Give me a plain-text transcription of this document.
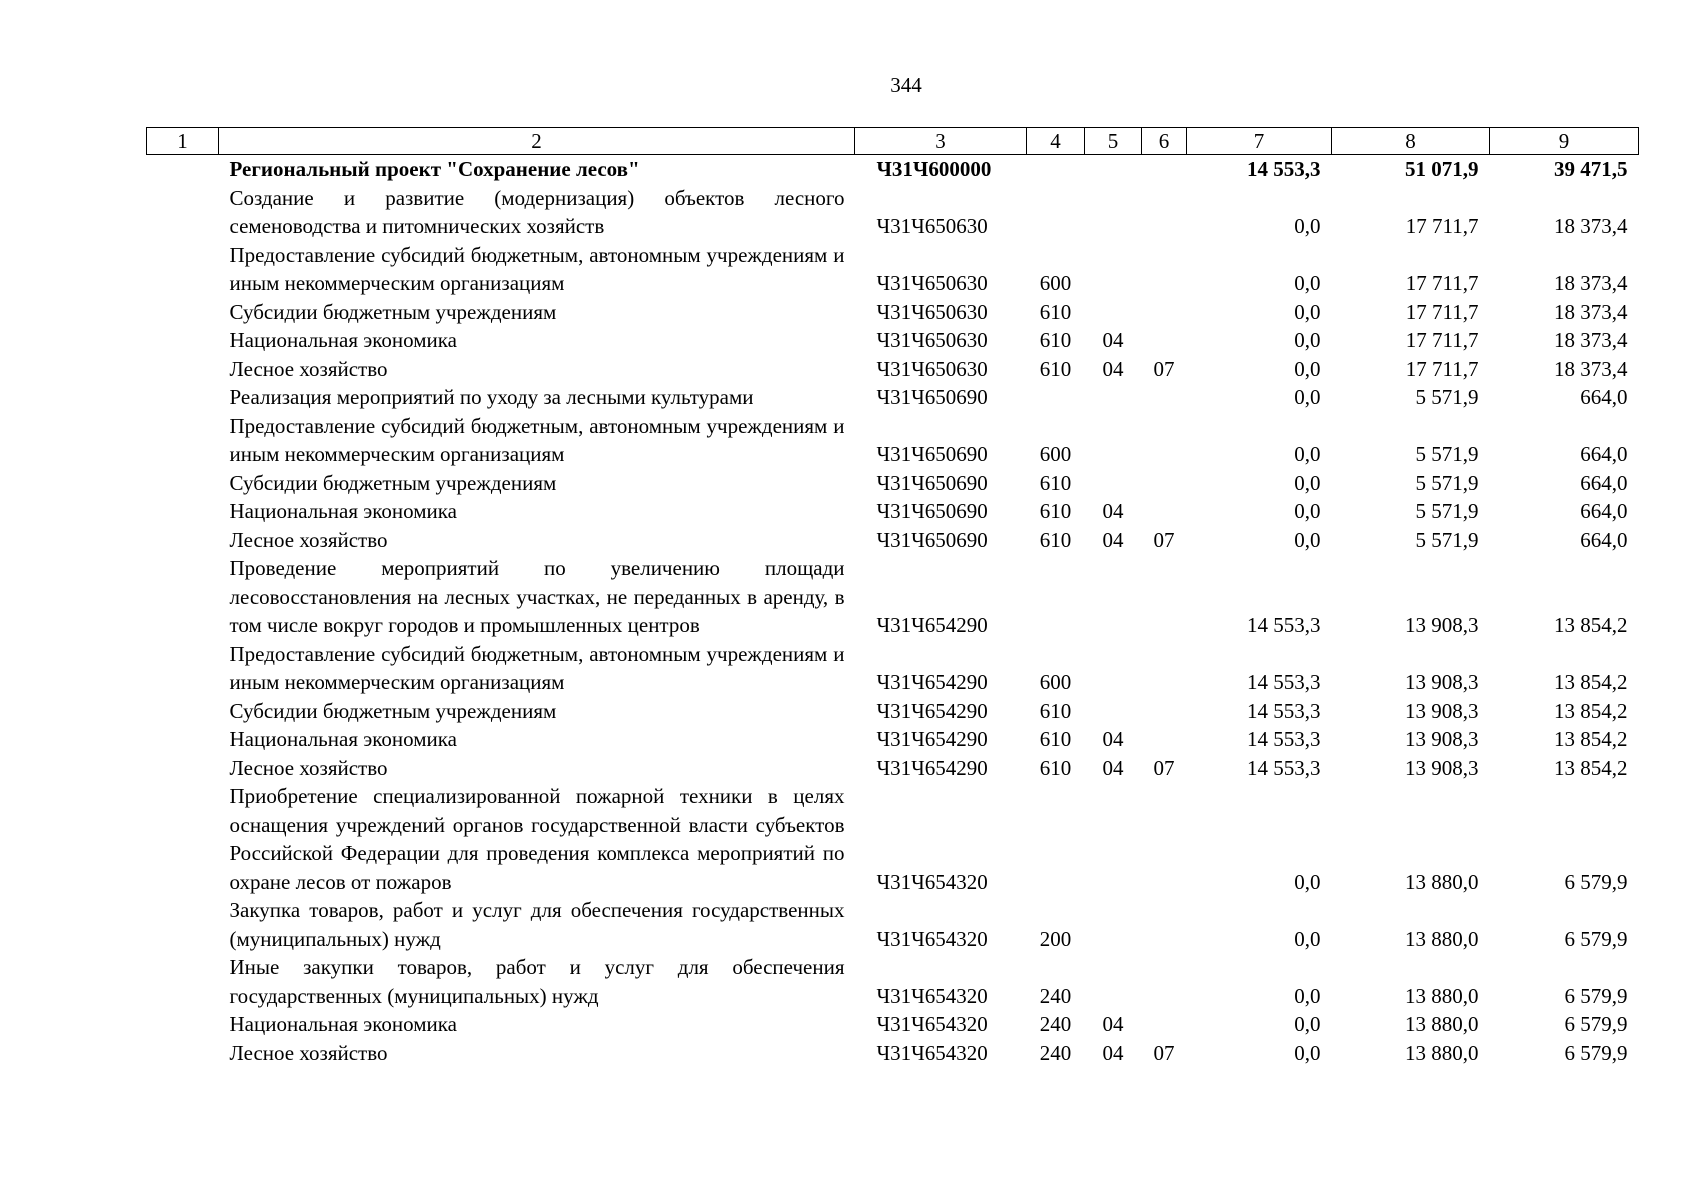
344
1	2	3	4	5	6	7	8	9
	Региональный проект "Сохранение лесов"	Ч31Ч600000				14 553,3	51 071,9	39 471,5
	Создание и развитие (модернизация) объектов лесного семеноводства и питомнических хозяйств	Ч31Ч650630				0,0	17 711,7	18 373,4
	Предоставление субсидий бюджетным, автономным учреждениям и иным некоммерческим организациям	Ч31Ч650630	600			0,0	17 711,7	18 373,4
	Субсидии бюджетным учреждениям	Ч31Ч650630	610			0,0	17 711,7	18 373,4
	Национальная экономика	Ч31Ч650630	610	04		0,0	17 711,7	18 373,4
	Лесное хозяйство	Ч31Ч650630	610	04	07	0,0	17 711,7	18 373,4
	Реализация мероприятий по уходу за лесными культурами	Ч31Ч650690				0,0	5 571,9	664,0
	Предоставление субсидий бюджетным, автономным учреждениям и иным некоммерческим организациям	Ч31Ч650690	600			0,0	5 571,9	664,0
	Субсидии бюджетным учреждениям	Ч31Ч650690	610			0,0	5 571,9	664,0
	Национальная экономика	Ч31Ч650690	610	04		0,0	5 571,9	664,0
	Лесное хозяйство	Ч31Ч650690	610	04	07	0,0	5 571,9	664,0
	Проведение мероприятий по увеличению площади лесовосстановления на лесных участках, не переданных в аренду, в том числе вокруг городов и промышленных центров	Ч31Ч654290				14 553,3	13 908,3	13 854,2
	Предоставление субсидий бюджетным, автономным учреждениям и иным некоммерческим организациям	Ч31Ч654290	600			14 553,3	13 908,3	13 854,2
	Субсидии бюджетным учреждениям	Ч31Ч654290	610			14 553,3	13 908,3	13 854,2
	Национальная экономика	Ч31Ч654290	610	04		14 553,3	13 908,3	13 854,2
	Лесное хозяйство	Ч31Ч654290	610	04	07	14 553,3	13 908,3	13 854,2
	Приобретение специализированной пожарной техники в целях оснащения учреждений органов государственной власти субъектов Российской Федерации для проведения комплекса мероприятий по охране лесов от пожаров	Ч31Ч654320				0,0	13 880,0	6 579,9
	Закупка товаров, работ и услуг для обеспечения государственных (муниципальных) нужд	Ч31Ч654320	200			0,0	13 880,0	6 579,9
	Иные закупки товаров, работ и услуг для обеспечения государственных (муниципальных) нужд	Ч31Ч654320	240			0,0	13 880,0	6 579,9
	Национальная экономика	Ч31Ч654320	240	04		0,0	13 880,0	6 579,9
	Лесное хозяйство	Ч31Ч654320	240	04	07	0,0	13 880,0	6 579,9
